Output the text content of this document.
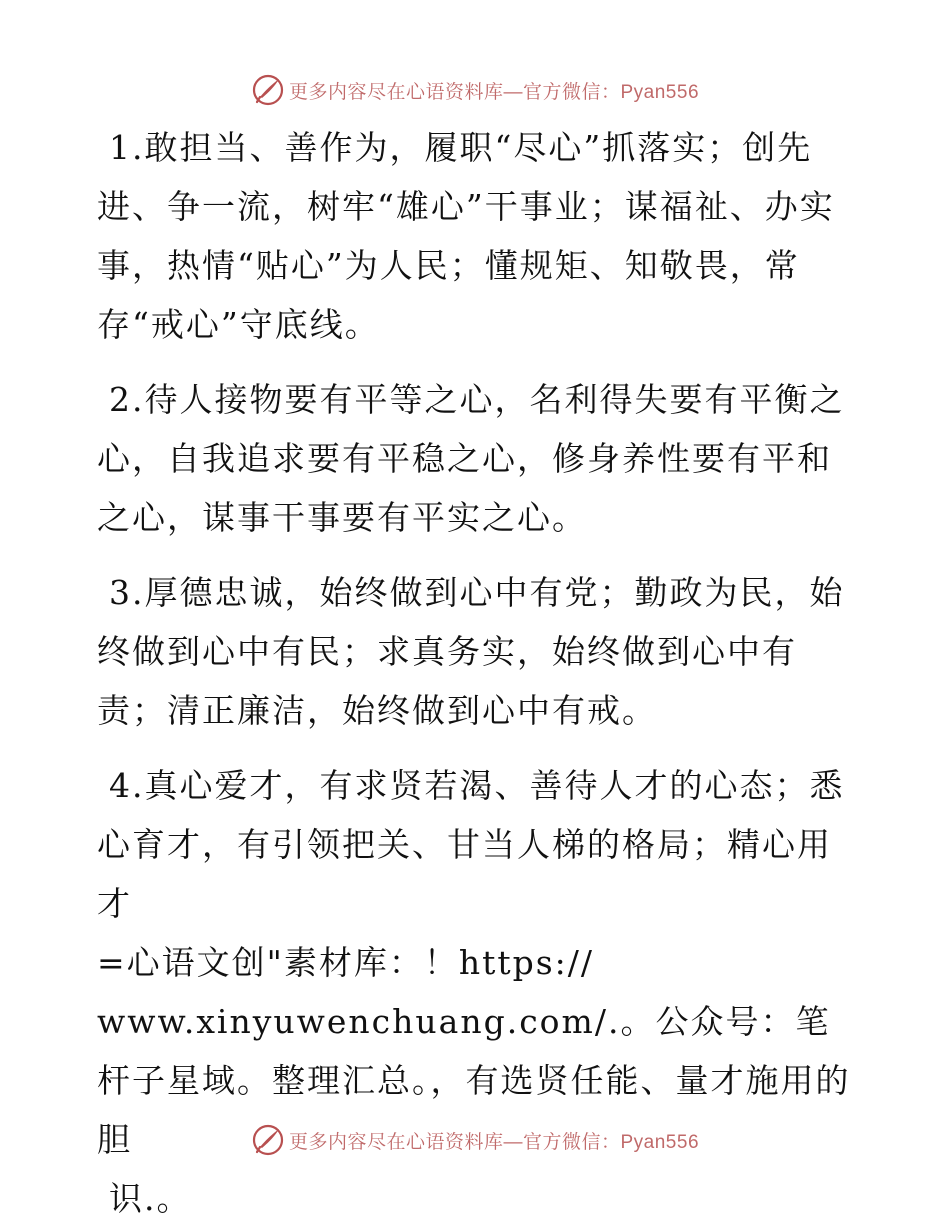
更多内容尽在心语资料库—官方微信：Pyan556

1.敢担当、善作为，履职“尽心”抓落实；创先进、争一流，树牢“雄心”干事业；谋福祉、办实事，热情“贴心”为人民；懂规矩、知敬畏，常存“戒心”守底线。

2.待人接物要有平等之心，名利得失要有平衡之心，自我追求要有平稳之心，修身养性要有平和之心，谋事干事要有平实之心。

3.厚德忠诚，始终做到心中有党；勤政为民，始终做到心中有民；求真务实，始终做到心中有责；清正廉洁，始终做到心中有戒。

4.真心爱才，有求贤若渴、善待人才的心态；悉心育才，有引领把关、甘当人梯的格局；精心用才
=心语文创"素材库：！https://
www.xinyuwenchuang.com/.。公众号：笔杆子星域。整理汇总。，有选贤任能、量才施用的胆
识.。

更多内容尽在心语资料库—官方微信：Pyan556
